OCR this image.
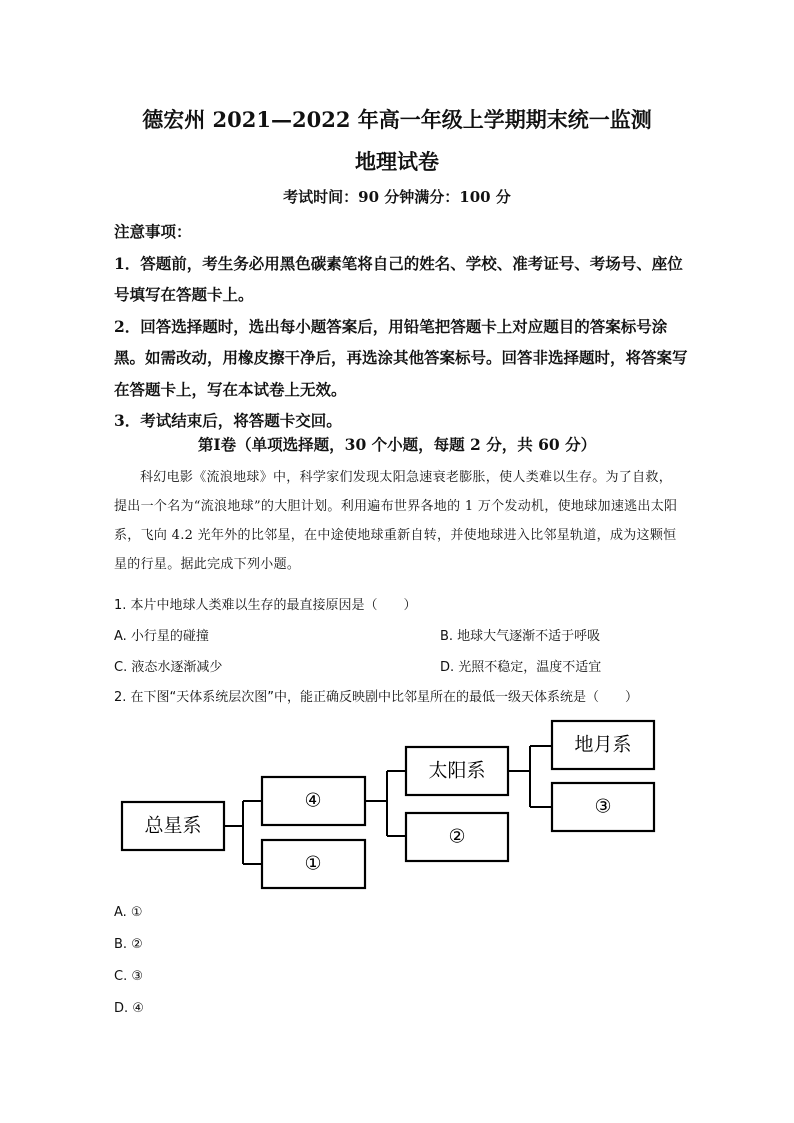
德宏州 2021—2022 年高一年级上学期期末统一监测
地理试卷
考试时间：90 分钟满分：100 分

注意事项：

1．答题前，考生务必用黑色碳素笔将自己的姓名、学校、准考证号、考场号、座位号填写在答题卡上。

2．回答选择题时，选出每小题答案后，用铅笔把答题卡上对应题目的答案标号涂黑。如需改动，用橡皮擦干净后，再选涂其他答案标号。回答非选择题时，将答案写在答题卡上，写在本试卷上无效。

3．考试结束后，将答题卡交回。

第Ⅰ卷（单项选择题，30 个小题，每题 2 分，共 60 分）
科幻电影《流浪地球》中，科学家们发现太阳急速衰老膨胀，使人类难以生存。为了自救，提出一个名为“流浪地球”的大胆计划。利用遍布世界各地的 1 万个发动机，使地球加速逃出太阳系，飞向 4.2 光年外的比邻星，在中途使地球重新自转，并使地球进入比邻星轨道，成为这颗恒星的行星。据此完成下列小题。
1. 本片中地球人类难以生存的最直接原因是（　　）
A. 小行星的碰撞	B. 地球大气逐渐不适于呼吸
C. 液态水逐渐减少	D. 光照不稳定，温度不适宜
2. 在下图“天体系统层次图”中，能正确反映剧中比邻星所在的最低一级天体系统是（　　）
总星系
④
①
太阳系
②
地月系
③
A. ①
B. ②
C. ③
D. ④
